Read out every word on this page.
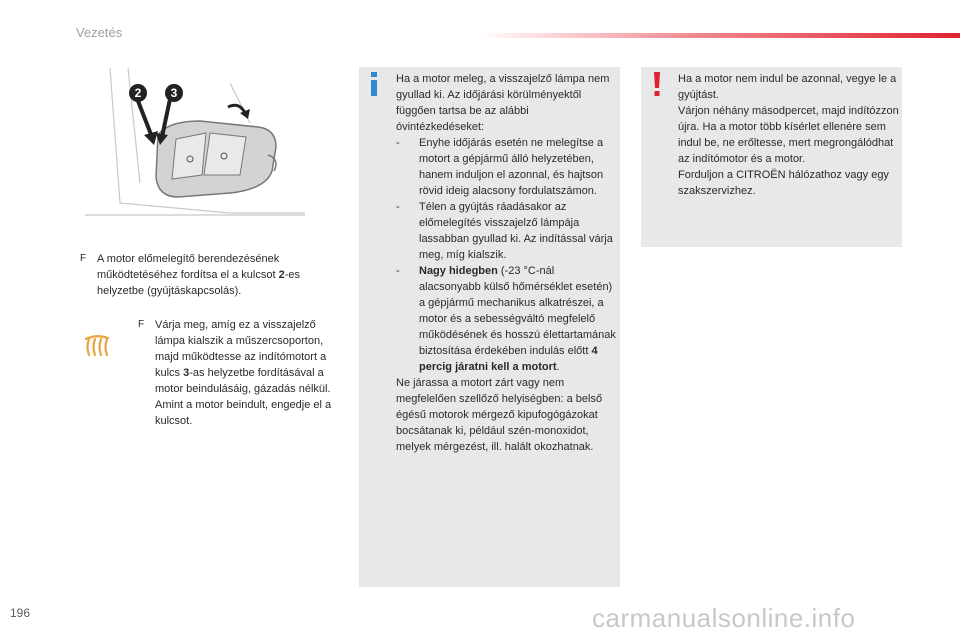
Vezetés
2 3
F A motor előmelegítő berendezésének működtetéséhez fordítsa el a kulcsot 2-es helyzetbe (gyújtáskapcsolás).
F Várja meg, amíg ez a visszajelző lámpa kialszik a műszercsoporton, majd működtesse az indítómotort a kulcs 3-as helyzetbe fordításával a motor beindulásáig, gázadás nélkül. Amint a motor beindult, engedje el a kulcsot.
Ha a motor meleg, a visszajelző lámpa nem gyullad ki. Az időjárási körülményektől függően tartsa be az alábbi óvintézkedéseket:
- Enyhe időjárás esetén ne melegítse a motort a gépjármű álló helyzetében, hanem induljon el azonnal, és hajtson rövid ideig alacsony fordulatszámon.
- Télen a gyújtás ráadásakor az előmelegítés visszajelző lámpája lassabban gyullad ki. Az indítással várja meg, míg kialszik.
- Nagy hidegben (-23 °C-nál alacsonyabb külső hőmérséklet esetén) a gépjármű mechanikus alkatrészei, a motor és a sebességváltó megfelelő működésének és hosszú élettartamának biztosítása érdekében indulás előtt 4 percig járatni kell a motort.
Ne járassa a motort zárt vagy nem megfelelően szellőző helyiségben: a belső égésű motorok mérgező kipufogógázokat bocsátanak ki, például szén-monoxidot, melyek mérgezést, ill. halált okozhatnak.
Ha a motor nem indul be azonnal, vegye le a gyújtást.
Várjon néhány másodpercet, majd indítózzon újra. Ha a motor több kísérlet ellenére sem indul be, ne erőltesse, mert megrongálódhat az indítómotor és a motor.
Forduljon a CITROËN hálózathoz vagy egy szakszervizhez.
196	carmanualsonline.info
